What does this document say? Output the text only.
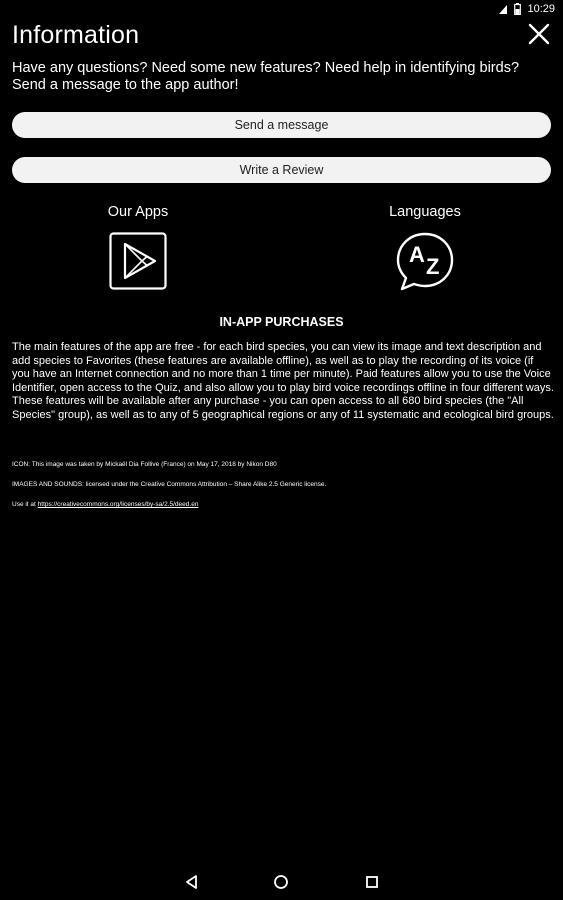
10:29
Information
Have any questions? Need some new features? Need help in identifying birds? Send a message to the app author!
Send a message
Write a Review
Our Apps	Languages
A Z
IN-APP PURCHASES
The main features of the app are free - for each bird species, you can view its image and text description and add species to Favorites (these features are available offline), as well as to play the recording of its voice (if you have an Internet connection and no more than 1 time per minute). Paid features allow you to use the Voice Identifier, open access to the Quiz, and also allow you to play bird voice recordings offline in four different ways. These features will be available after any purchase - you can open access to all 680 bird species (the "All Species" group), as well as to any of 5 geographical regions or any of 11 systematic and ecological bird groups.
ICON: This image was taken by Mickaël Dia Follive (France) on May 17, 2018 by Nikon D80
IMAGES AND SOUNDS: licensed under the Creative Commons Attribution – Share Alike 2.5 Generic license.
Use it at https://creativecommons.org/licenses/by-sa/2.5/deed.en
